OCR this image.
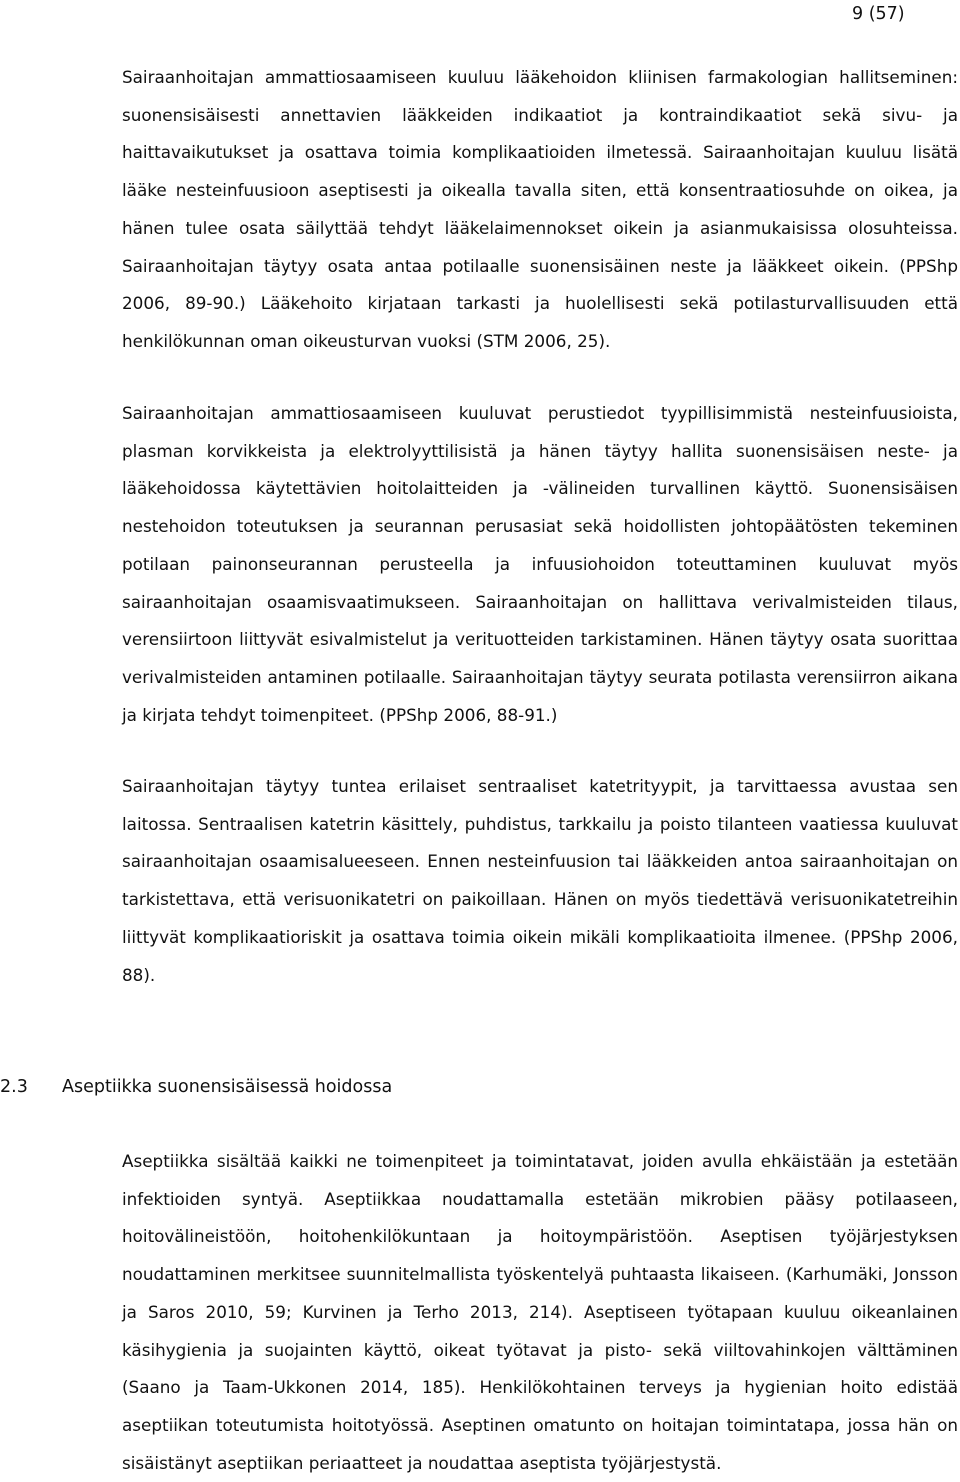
9 (57)

Sairaanhoitajan ammattiosaamiseen kuuluu lääkehoidon kliinisen farmakologian hallitseminen: suonensisäisesti annettavien lääkkeiden indikaatiot ja kontraindikaatiot sekä sivu- ja haittavaikutukset ja osattava toimia komplikaatioiden ilmetessä. Sairaanhoitajan kuuluu lisätä lääke nesteinfuusioon aseptisesti ja oikealla tavalla siten, että konsentraatiosuhde on oikea, ja hänen tulee osata säilyttää tehdyt lääkelaimennokset oikein ja asianmukaisissa olosuhteissa. Sairaanhoitajan täytyy osata antaa potilaalle suonensisäinen neste ja lääkkeet oikein. (PPShp 2006, 89-90.) Lääkehoito kirjataan tarkasti ja huolellisesti sekä potilasturvallisuuden että henkilökunnan oman oikeusturvan vuoksi (STM 2006, 25).

Sairaanhoitajan ammattiosaamiseen kuuluvat perustiedot tyypillisimmistä nesteinfuusioista, plasman korvikkeista ja elektrolyyttilisistä ja hänen täytyy hallita suonensisäisen neste- ja lääkehoidossa käytettävien hoitolaitteiden ja -välineiden turvallinen käyttö. Suonensisäisen nestehoidon toteutuksen ja seurannan perusasiat sekä hoidollisten johtopäätösten tekeminen potilaan painonseurannan perusteella ja infuusiohoidon toteuttaminen kuuluvat myös sairaanhoitajan osaamisvaatimukseen. Sairaanhoitajan on hallittava verivalmisteiden tilaus, verensiirtoon liittyvät esivalmistelut ja verituotteiden tarkistaminen. Hänen täytyy osata suorittaa verivalmisteiden antaminen potilaalle. Sairaanhoitajan täytyy seurata potilasta verensiirron aikana ja kirjata tehdyt toimenpiteet. (PPShp 2006, 88-91.)

Sairaanhoitajan täytyy tuntea erilaiset sentraaliset katetrityypit, ja tarvittaessa avustaa sen laitossa. Sentraalisen katetrin käsittely, puhdistus, tarkkailu ja poisto tilanteen vaatiessa kuuluvat sairaanhoitajan osaamisalueeseen. Ennen nesteinfuusion tai lääkkeiden antoa sairaanhoitajan on tarkistettava, että verisuonikatetri on paikoillaan. Hänen on myös tiedettävä verisuonikatetreihin liittyvät komplikaatioriskit ja osattava toimia oikein mikäli komplikaatioita ilmenee. (PPShp 2006, 88).

2.3 Aseptiikka suonensisäisessä hoidossa

Aseptiikka sisältää kaikki ne toimenpiteet ja toimintatavat, joiden avulla ehkäistään ja estetään infektioiden syntyä. Aseptiikkaa noudattamalla estetään mikrobien pääsy potilaaseen, hoitovälineistöön, hoitohenkilökuntaan ja hoitoympäristöön. Aseptisen työjärjestyksen noudattaminen merkitsee suunnitelmallista työskentelyä puhtaasta likaiseen. (Karhumäki, Jonsson ja Saros 2010, 59; Kurvinen ja Terho 2013, 214). Aseptiseen työtapaan kuuluu oikeanlainen käsihygienia ja suojainten käyttö, oikeat työtavat ja pisto- sekä viiltovahinkojen välttäminen (Saano ja Taam-Ukkonen 2014, 185). Henkilökohtainen terveys ja hygienian hoito edistää aseptiikan toteutumista hoitotyössä. Aseptinen omatunto on hoitajan toimintatapa, jossa hän on sisäistänyt aseptiikan periaatteet ja noudattaa aseptista työjärjestystä.
